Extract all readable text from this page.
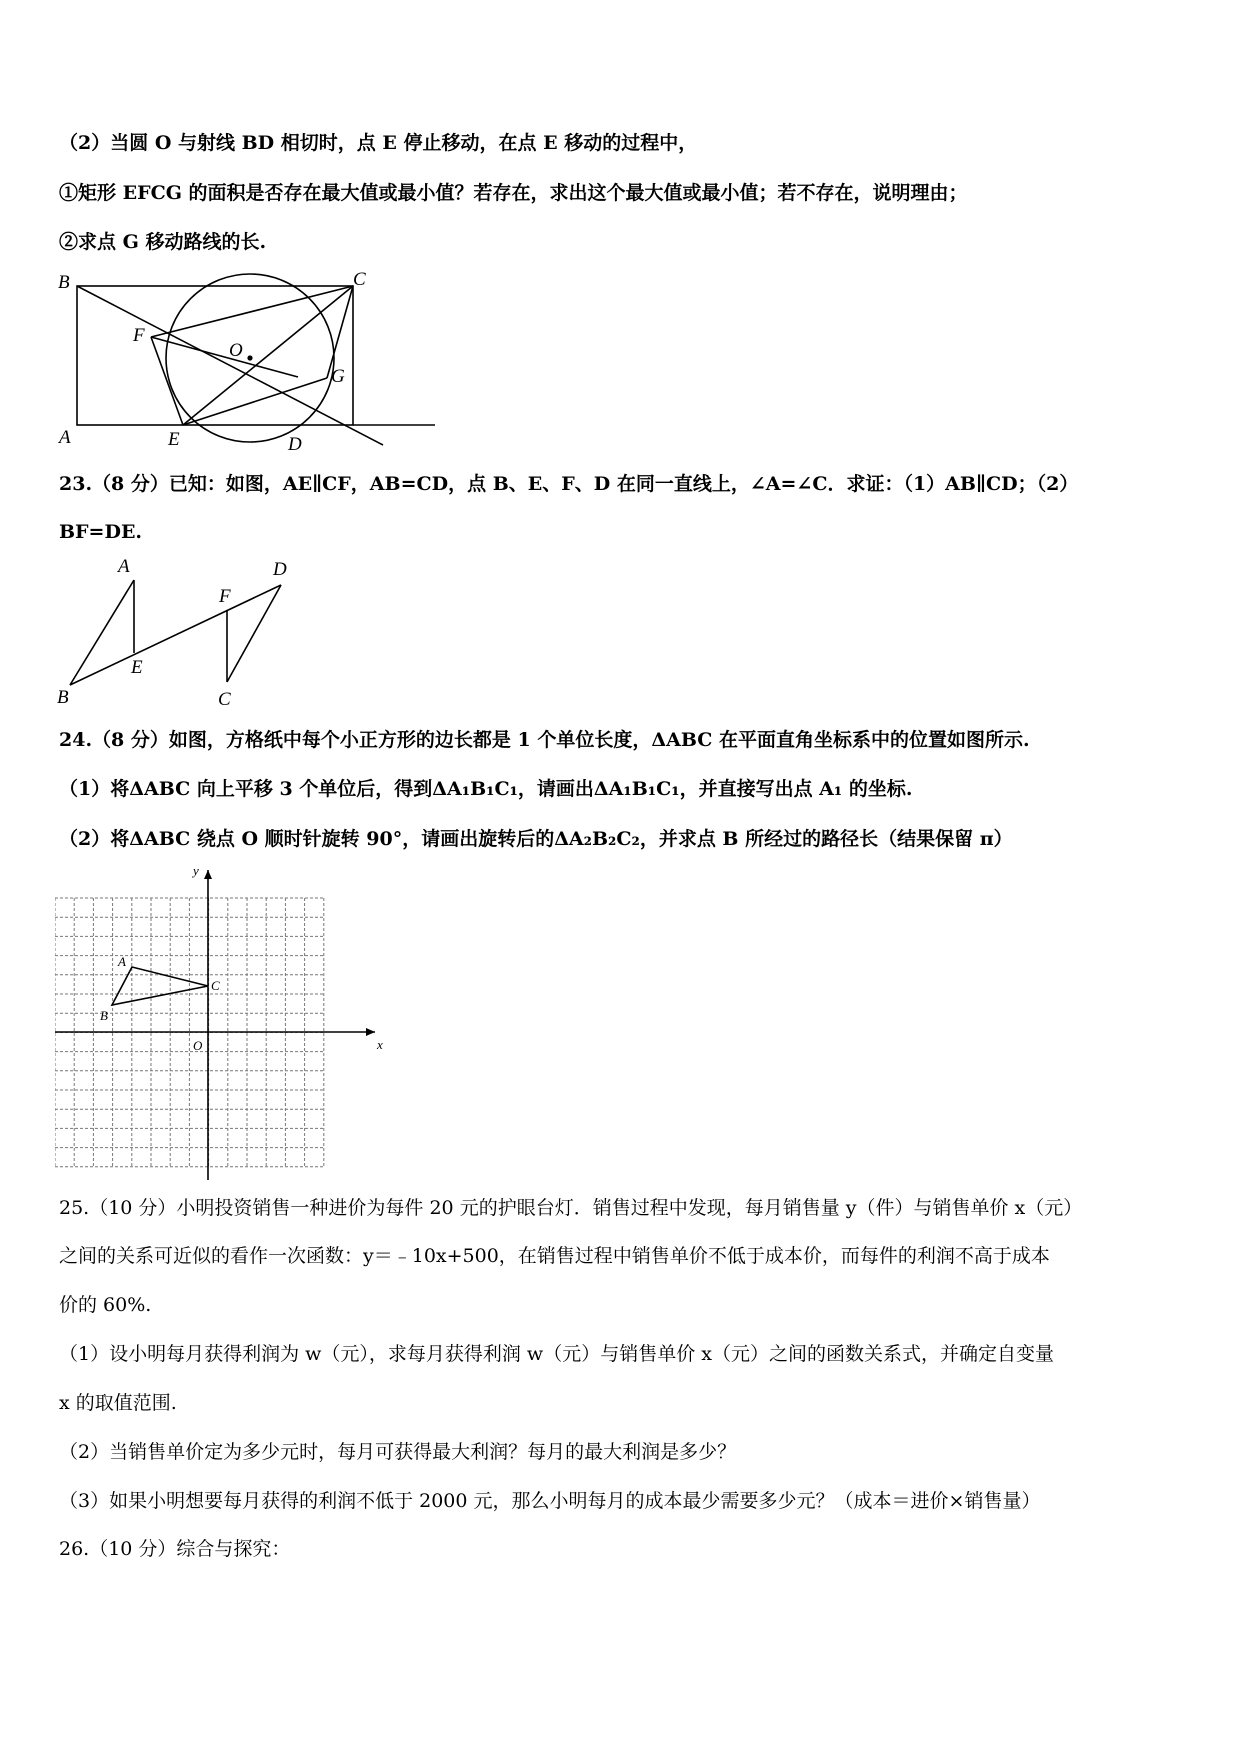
（2）当圆 O 与射线 BD 相切时，点 E 停止移动，在点 E 移动的过程中，
①矩形 EFCG 的面积是否存在最大值或最小值？若存在，求出这个最大值或最小值；若不存在，说明理由；
②求点 G 移动路线的长.
B	C
F
O
G
A	E	D
23.（8 分）已知：如图，AE∥CF，AB=CD，点 B、E、F、D 在同一直线上，∠A=∠C．求证：（1）AB∥CD；（2）
BF=DE.
A	D
F
E
B	C
24.（8 分）如图，方格纸中每个小正方形的边长都是 1 个单位长度，ΔABC 在平面直角坐标系中的位置如图所示.
（1）将ΔABC 向上平移 3 个单位后，得到ΔA₁B₁C₁，请画出ΔA₁B₁C₁，并直接写出点 A₁ 的坐标.
（2）将ΔABC 绕点 O 顺时针旋转 90°，请画出旋转后的ΔA₂B₂C₂，并求点 B 所经过的路径长（结果保留 π）
y
x
O
A
B
C
25.（10 分）小明投资销售一种进价为每件 20 元的护眼台灯．销售过程中发现，每月销售量 y（件）与销售单价 x（元）
之间的关系可近似的看作一次函数：y＝﹣10x+500，在销售过程中销售单价不低于成本价，而每件的利润不高于成本
价的 60%.
（1）设小明每月获得利润为 w（元），求每月获得利润 w（元）与销售单价 x（元）之间的函数关系式，并确定自变量
x 的取值范围.
（2）当销售单价定为多少元时，每月可获得最大利润？每月的最大利润是多少？
（3）如果小明想要每月获得的利润不低于 2000 元，那么小明每月的成本最少需要多少元？（成本＝进价×销售量）
26.（10 分）综合与探究：
